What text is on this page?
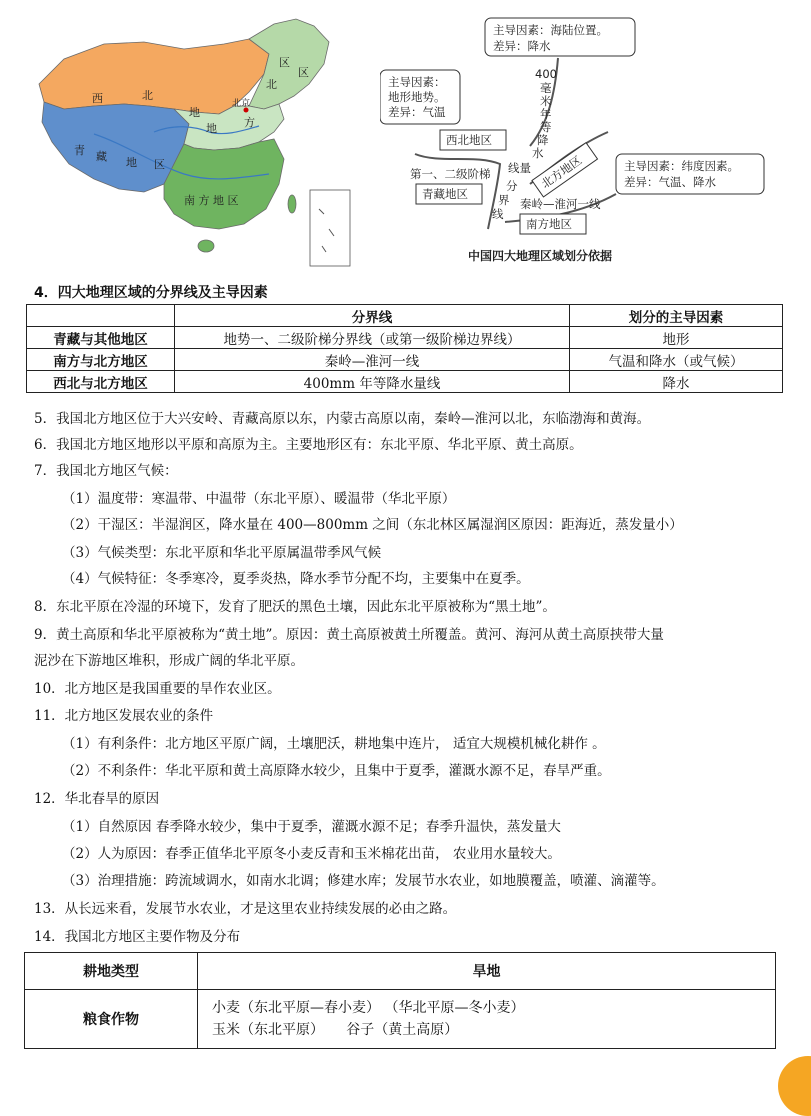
西	北
地
区
青 藏 地 区
北
方
地
区
南 方 地 区
北京
主导因素：海陆位置。
差异：降水
主导因素：
地形地势。
差异：气温
主导因素：纬度因素。
差异：气温、降水
400
毫
米
年
等
降
水
线量
西北地区
北方地区
青藏地区
南方地区
第一、二级阶梯
分
界
线
秦岭—淮河一线
中国四大地理区域划分依据
4．四大地理区域的分界线及主导因素
	分界线	划分的主导因素
青藏与其他地区	地势一、二级阶梯分界线（或第一级阶梯边界线）	地形
南方与北方地区	秦岭—淮河一线	气温和降水（或气候）
西北与北方地区	400mm 年等降水量线	降水
5．我国北方地区位于大兴安岭、青藏高原以东，内蒙古高原以南，秦岭—淮河以北，东临渤海和黄海。
6．我国北方地区地形以平原和高原为主。主要地形区有：东北平原、华北平原、黄土高原。
7．我国北方地区气候：
（1）温度带：寒温带、中温带（东北平原）、暖温带（华北平原）
（2）干湿区：半湿润区，降水量在 400—800mm 之间（东北林区属湿润区原因：距海近，蒸发量小）
（3）气候类型：东北平原和华北平原属温带季风气候
（4）气候特征：冬季寒冷，夏季炎热，降水季节分配不均，主要集中在夏季。
8．东北平原在冷湿的环境下，发育了肥沃的黑色土壤，因此东北平原被称为“黑土地”。
9．黄土高原和华北平原被称为“黄土地”。原因：黄土高原被黄土所覆盖。黄河、海河从黄土高原挟带大量
泥沙在下游地区堆积，形成广阔的华北平原。
10．北方地区是我国重要的旱作农业区。
11．北方地区发展农业的条件
（1）有利条件：北方地区平原广阔，土壤肥沃，耕地集中连片， 适宜大规模机械化耕作 。
（2）不利条件：华北平原和黄土高原降水较少，且集中于夏季，灌溉水源不足，春旱严重。
12．华北春旱的原因
（1）自然原因 春季降水较少，集中于夏季，灌溉水源不足；春季升温快，蒸发量大
（2）人为原因：春季正值华北平原冬小麦反青和玉米棉花出苗， 农业用水量较大。
（3）治理措施：跨流域调水，如南水北调；修建水库；发展节水农业，如地膜覆盖，喷灌、滴灌等。
13．从长远来看，发展节水农业，才是这里农业持续发展的必由之路。
14．我国北方地区主要作物及分布
耕地类型	旱地
粮食作物	小麦（东北平原—春小麦） （华北平原—冬小麦）
玉米（东北平原）     谷子（黄土高原）
